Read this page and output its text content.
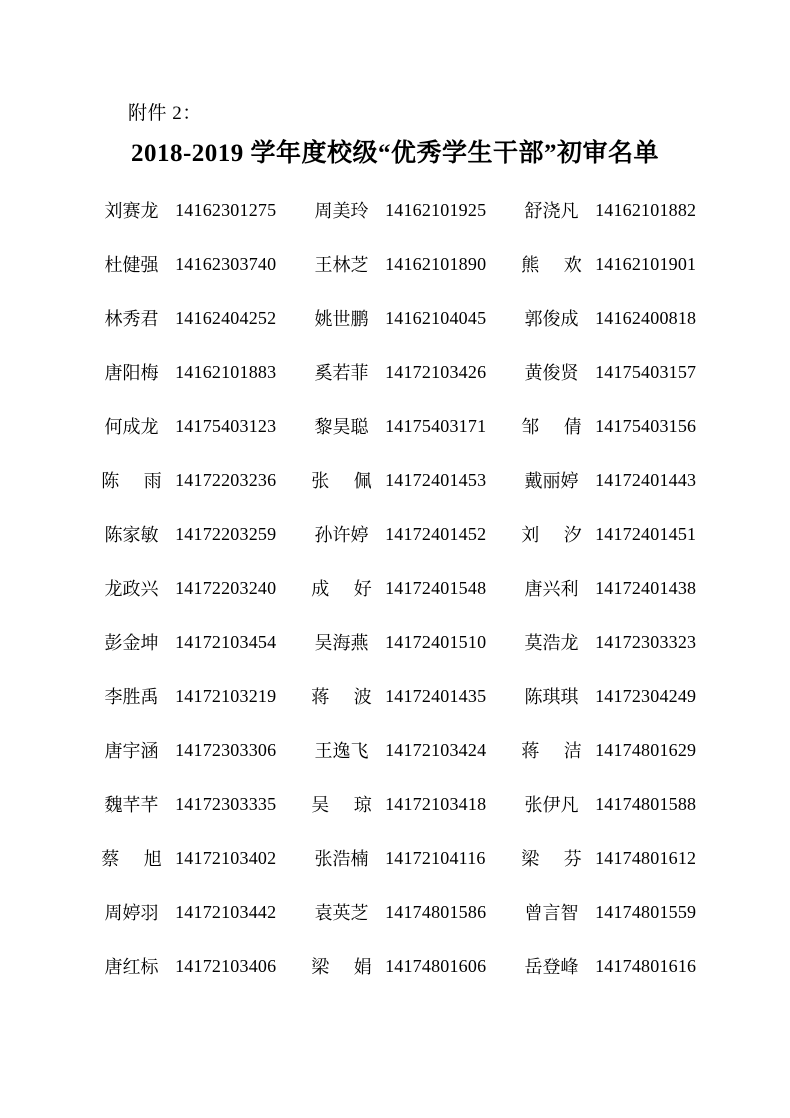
附件 2：
2018-2019 学年度校级“优秀学生干部”初审名单
刘赛龙	14162301275		周美玲	14162101925		舒浇凡	14162101882
杜健强	14162303740		王林芝	14162101890		熊 欢	14162101901
林秀君	14162404252		姚世鹏	14162104045		郭俊成	14162400818
唐阳梅	14162101883		奚若菲	14172103426		黄俊贤	14175403157
何成龙	14175403123		黎昊聪	14175403171		邹 倩	14175403156
陈 雨	14172203236		张 佩	14172401453		戴丽婷	14172401443
陈家敏	14172203259		孙许婷	14172401452		刘 汐	14172401451
龙政兴	14172203240		成 好	14172401548		唐兴利	14172401438
彭金坤	14172103454		吴海燕	14172401510		莫浩龙	14172303323
李胜禹	14172103219		蒋 波	14172401435		陈琪琪	14172304249
唐宇涵	14172303306		王逸飞	14172103424		蒋 洁	14174801629
魏芊芊	14172303335		吴 琼	14172103418		张伊凡	14174801588
蔡 旭	14172103402		张浩楠	14172104116		梁 芬	14174801612
周婷羽	14172103442		袁英芝	14174801586		曾言智	14174801559
唐红标	14172103406		梁 娟	14174801606		岳登峰	14174801616
